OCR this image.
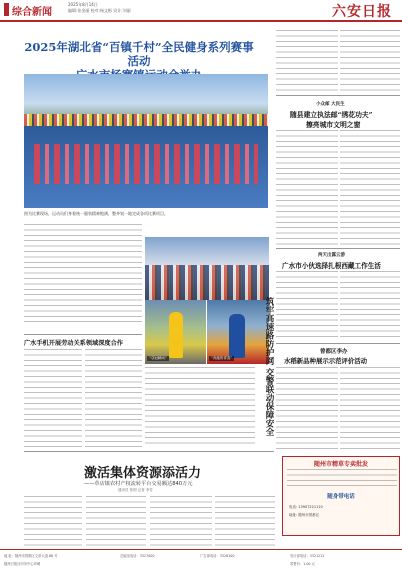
综合新闻
2025年8月14日
编辑:张金丽 校对:杨文彬 设计:刘丽	六安日报
2025年湖北省“百镇千村”全民健身系列赛事活动
图为比赛现场，运动员们身着统一服装精神饱满，整齐划一地完成各项比赛项目。
“夺冠瞬间”	“奔跑的青春”
小众邮 大民生
随县建立执法邮“绣花功夫”
擦亮城市文明之窗
两天出露云游
广水市小伙选择扎根西藏工作生活
曾都区李办
水稻新品种展示示范评价活动
广水手机开展劳动关系领域深度合作	筑牢高速路防护网 交警联动保障安全
激活集体资源添活力
——草店镇农村产权流转平台交易额达840万元
通讯员 张明 记者 李芳
随州市精草专卖批发
随身带电话
电话: 13907221110
地址: 随州市曾都区
地 址：随州市曾都区文帝大道 88 号	总编室电话：3327000	广告部电话：3328100	发行部电话：3321212
随州日报社印务中心印刷	零售价：1.00 元
